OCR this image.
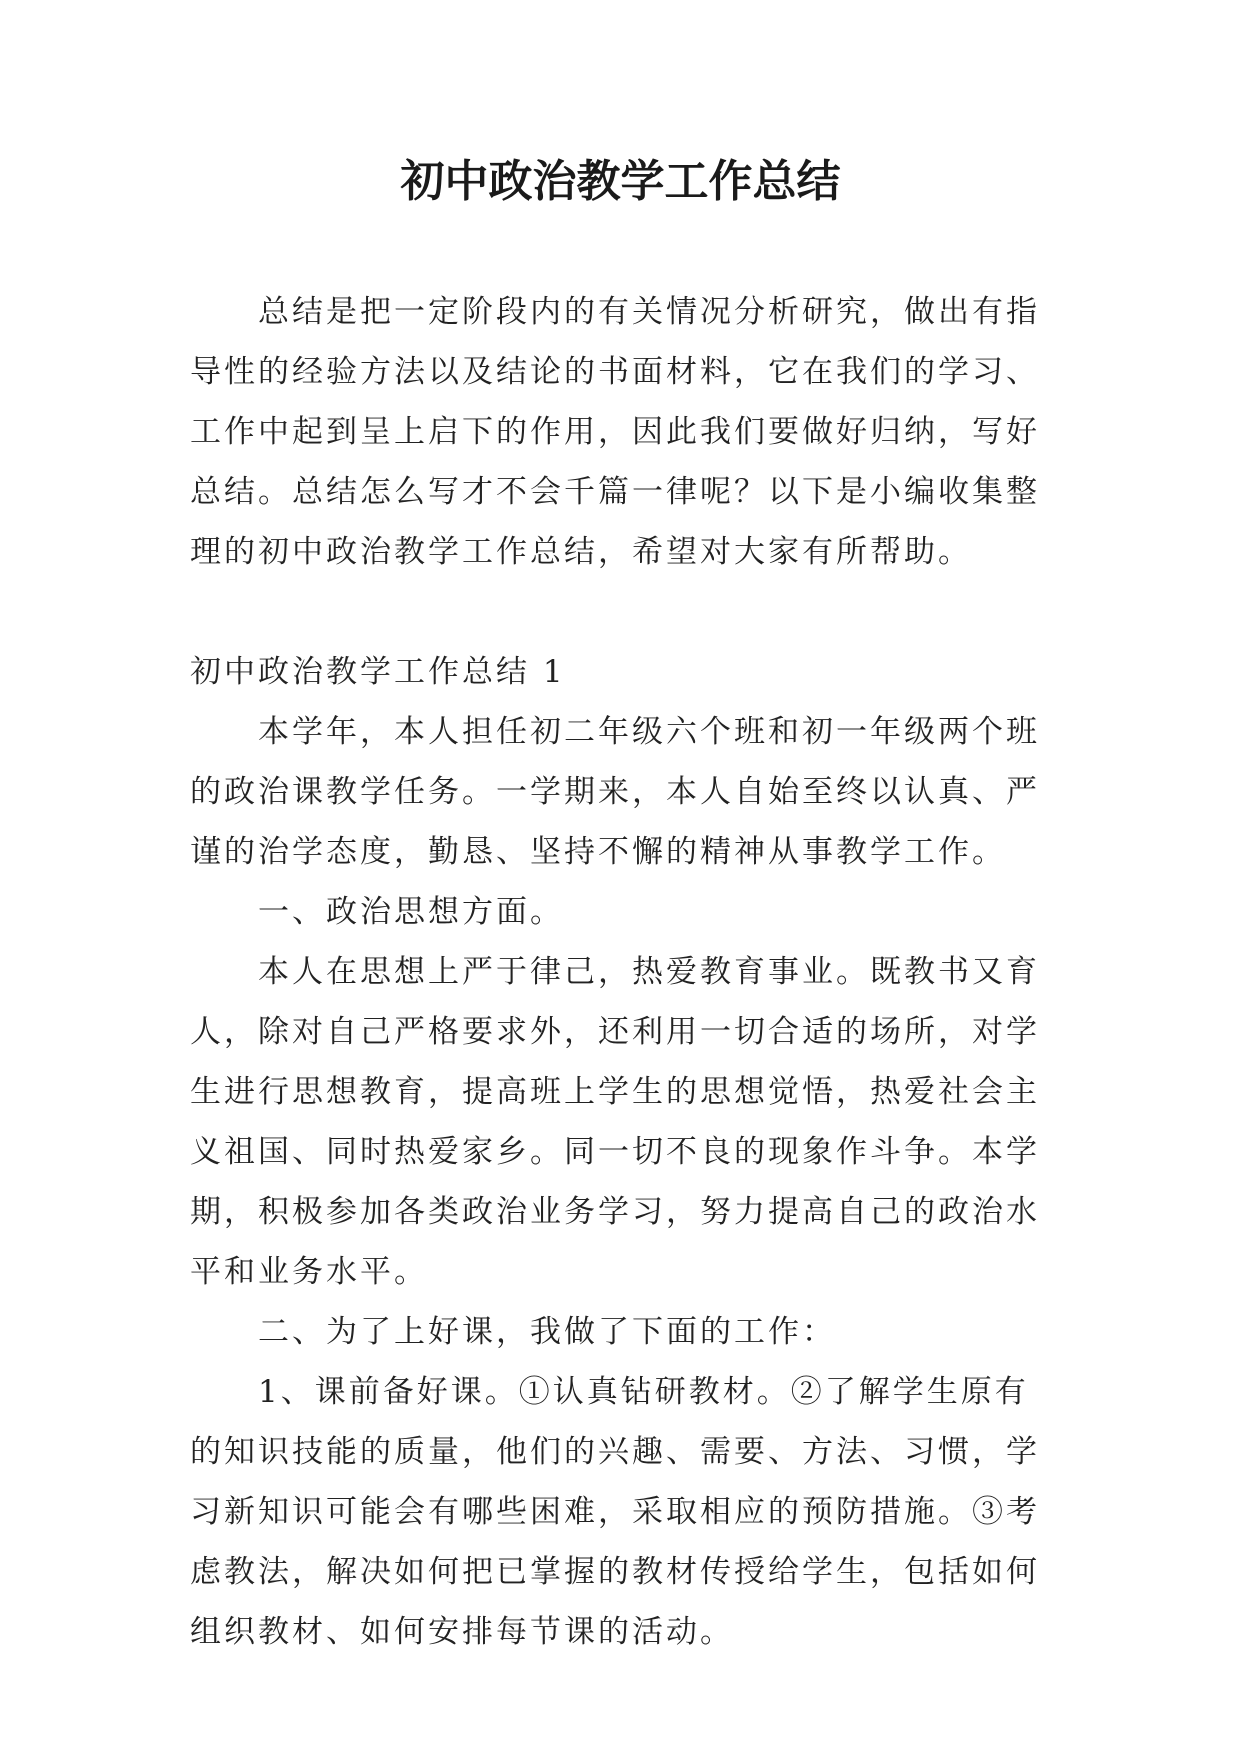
初中政治教学工作总结

总结是把一定阶段内的有关情况分析研究，做出有指导性的经验方法以及结论的书面材料，它在我们的学习、工作中起到呈上启下的作用，因此我们要做好归纳，写好总结。总结怎么写才不会千篇一律呢？以下是小编收集整理的初中政治教学工作总结，希望对大家有所帮助。

初中政治教学工作总结 1

本学年，本人担任初二年级六个班和初一年级两个班的政治课教学任务。一学期来，本人自始至终以认真、严谨的治学态度，勤恳、坚持不懈的精神从事教学工作。

一、政治思想方面。

本人在思想上严于律己，热爱教育事业。既教书又育人，除对自己严格要求外，还利用一切合适的场所，对学生进行思想教育，提高班上学生的思想觉悟，热爱社会主义祖国、同时热爱家乡。同一切不良的现象作斗争。本学期，积极参加各类政治业务学习，努力提高自己的政治水平和业务水平。

二、为了上好课，我做了下面的工作：

1、课前备好课。①认真钻研教材。②了解学生原有的知识技能的质量，他们的兴趣、需要、方法、习惯，学习新知识可能会有哪些困难，采取相应的预防措施。③考虑教法，解决如何把已掌握的教材传授给学生，包括如何组织教材、如何安排每节课的活动。
